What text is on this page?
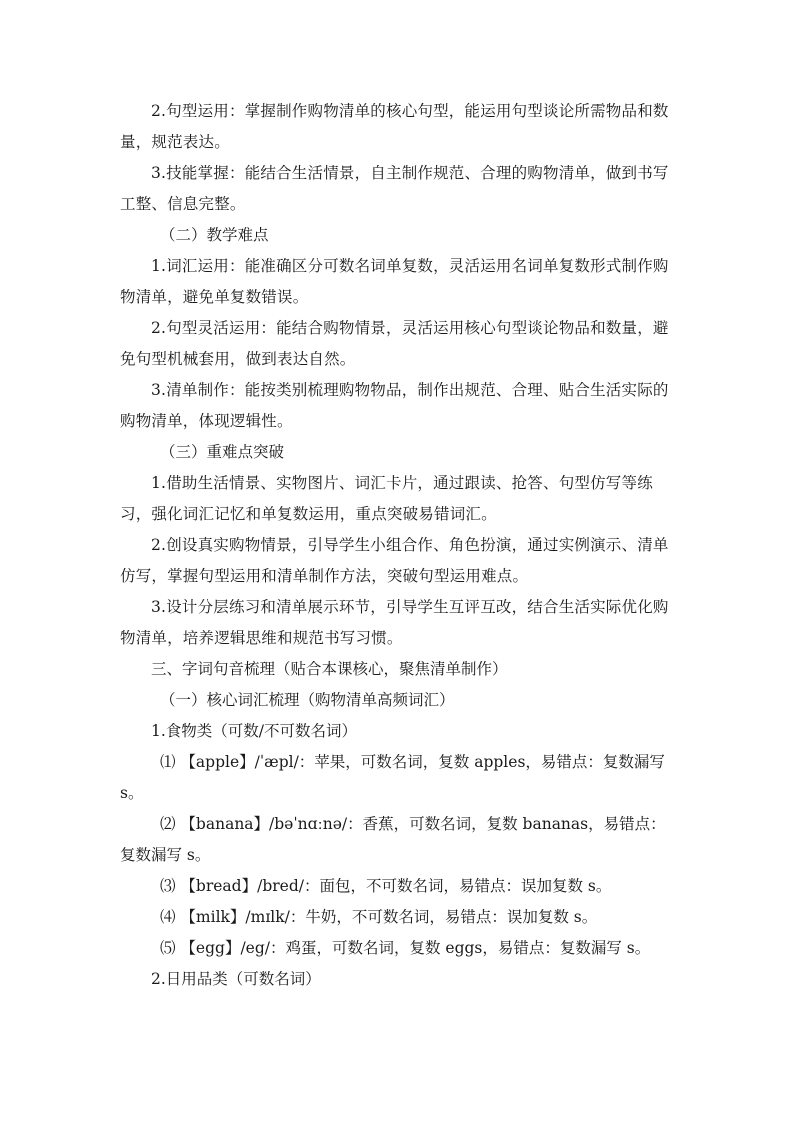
2.句型运用：掌握制作购物清单的核心句型，能运用句型谈论所需物品和数量，规范表达。

3.技能掌握：能结合生活情景，自主制作规范、合理的购物清单，做到书写工整、信息完整。

（二）教学难点

1.词汇运用：能准确区分可数名词单复数，灵活运用名词单复数形式制作购物清单，避免单复数错误。

2.句型灵活运用：能结合购物情景，灵活运用核心句型谈论物品和数量，避免句型机械套用，做到表达自然。

3.清单制作：能按类别梳理购物物品，制作出规范、合理、贴合生活实际的购物清单，体现逻辑性。

（三）重难点突破

1.借助生活情景、实物图片、词汇卡片，通过跟读、抢答、句型仿写等练习，强化词汇记忆和单复数运用，重点突破易错词汇。

2.创设真实购物情景，引导学生小组合作、角色扮演，通过实例演示、清单仿写，掌握句型运用和清单制作方法，突破句型运用难点。

3.设计分层练习和清单展示环节，引导学生互评互改，结合生活实际优化购物清单，培养逻辑思维和规范书写习惯。

三、字词句音梳理（贴合本课核心，聚焦清单制作）

（一）核心词汇梳理（购物清单高频词汇）

1.食物类（可数/不可数名词）

⑴ 【apple】/ˈæpl/：苹果，可数名词，复数 apples，易错点：复数漏写 s。

⑵ 【banana】/bəˈnɑːnə/：香蕉，可数名词，复数 bananas，易错点：复数漏写 s。

⑶ 【bread】/bred/：面包，不可数名词，易错点：误加复数 s。

⑷ 【milk】/mɪlk/：牛奶，不可数名词，易错点：误加复数 s。

⑸ 【egg】/eg/：鸡蛋，可数名词，复数 eggs，易错点：复数漏写 s。

2.日用品类（可数名词）
